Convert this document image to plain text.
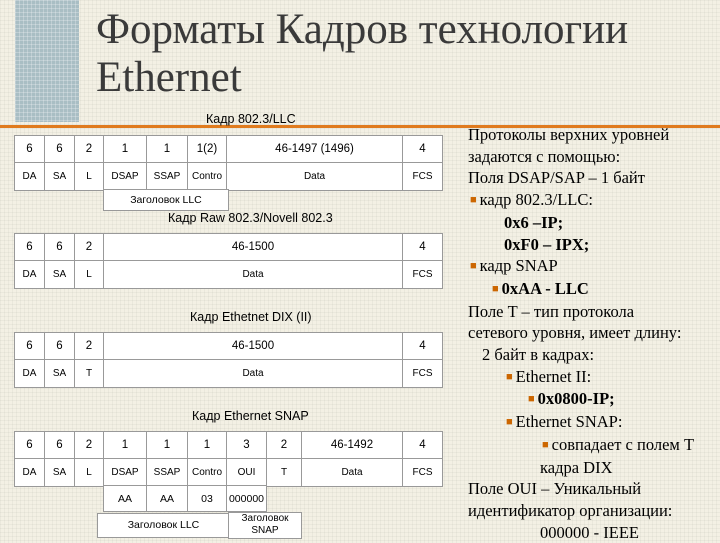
Форматы Кадров технологии
Ethernet
Кадр 802.3/LLC
6	6	2	1	1	1(2)	46-1497 (1496)	4
DA	SA	L	DSAP	SSAP	Contro	Data	FCS
Заголовок LLC
Кадр Raw 802.3/Novell 802.3
6	6	2	46-1500	4
DA	SA	L	Data	FCS
Кадр Ethetnet DIX (II)
6	6	2	46-1500	4
DA	SA	T	Data	FCS
Кадр Ethernet SNAP
6	6	2	1	1	1	3	2	46-1492	4
DA	SA	L	DSAP	SSAP	Contro	OUI	T	Data	FCS
AA	AA	03	000000
Заголовок LLC
Заголовок
SNAP
Протоколы верхних уровней
задаются с помощью:
Поля DSAP/SAP – 1 байт
■ кадр 802.3/LLC:
0x6 –IP;
0xF0 – IPX;
■ кадр SNAP
■ 0xAA - LLC
Поле T – тип протокола
сетевого уровня, имеет длину:
2 байт в кадрах:
■ Ethernet II:
■ 0x0800-IP;
■ Ethernet SNAP:
■ совпадает с полем T
кадра DIX
Поле OUI – Уникальный
идентификатор организации:
000000 - IEEE
